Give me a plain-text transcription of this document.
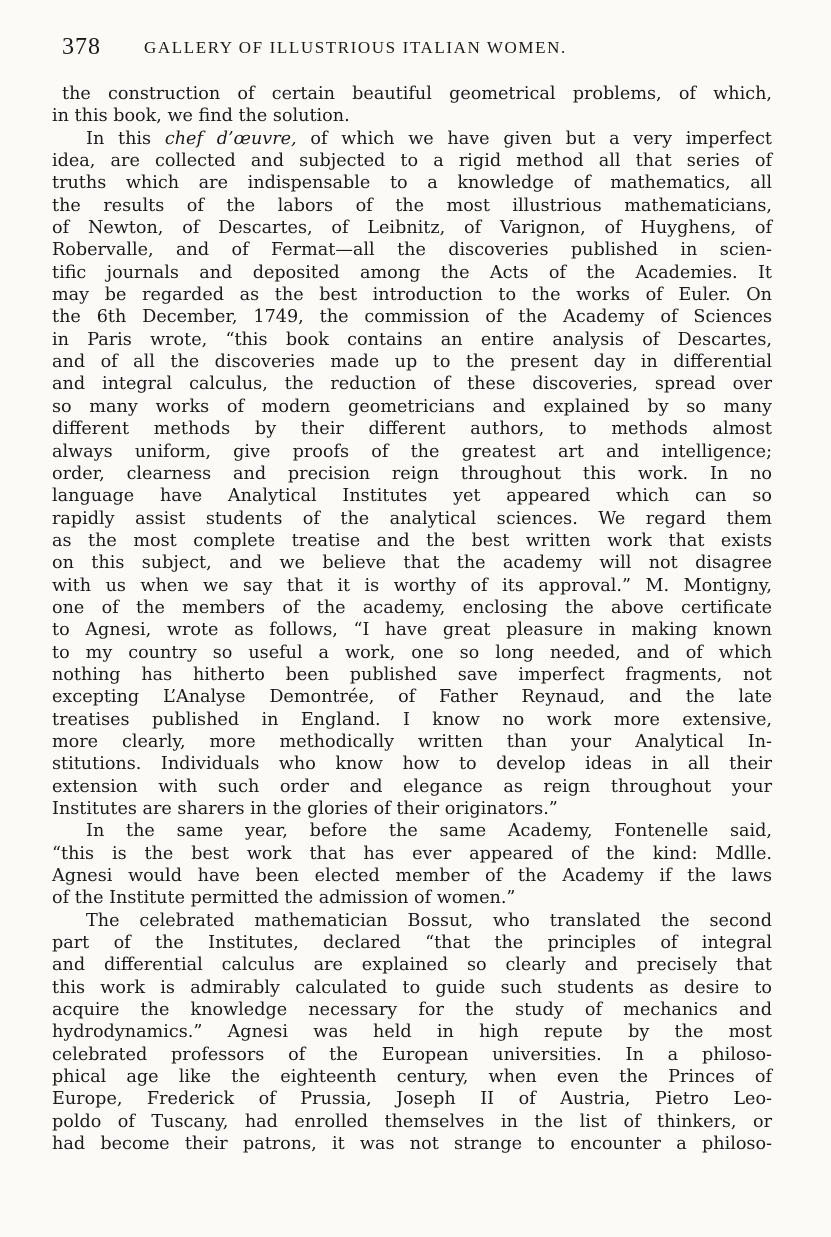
378	GALLERY OF ILLUSTRIOUS ITALIAN WOMEN.
the construction of certain beautiful geometrical problems, of which,
in this book, we find the solution.
In this chef d’œuvre, of which we have given but a very imperfect
idea, are collected and subjected to a rigid method all that series of
truths which are indispensable to a knowledge of mathematics, all
the results of the labors of the most illustrious mathematicians,
of Newton, of Descartes, of Leibnitz, of Varignon, of Huyghens, of
Robervalle, and of Fermat—all the discoveries published in scien-
tific journals and deposited among the Acts of the Academies. It
may be regarded as the best introduction to the works of Euler. On
the 6th December, 1749, the commission of the Academy of Sciences
in Paris wrote, “this book contains an entire analysis of Descartes,
and of all the discoveries made up to the present day in differential
and integral calculus, the reduction of these discoveries, spread over
so many works of modern geometricians and explained by so many
different methods by their different authors, to methods almost
always uniform, give proofs of the greatest art and intelligence;
order, clearness and precision reign throughout this work. In no
language have Analytical Institutes yet appeared which can so
rapidly assist students of the analytical sciences. We regard them
as the most complete treatise and the best written work that exists
on this subject, and we believe that the academy will not disagree
with us when we say that it is worthy of its approval.” M. Montigny,
one of the members of the academy, enclosing the above certificate
to Agnesi, wrote as follows, “I have great pleasure in making known
to my country so useful a work, one so long needed, and of which
nothing has hitherto been published save imperfect fragments, not
excepting L’Analyse Demontrée, of Father Reynaud, and the late
treatises published in England. I know no work more extensive,
more clearly, more methodically written than your Analytical In-
stitutions. Individuals who know how to develop ideas in all their
extension with such order and elegance as reign throughout your
Institutes are sharers in the glories of their originators.”
In the same year, before the same Academy, Fontenelle said,
“this is the best work that has ever appeared of the kind: Mdlle.
Agnesi would have been elected member of the Academy if the laws
of the Institute permitted the admission of women.”
The celebrated mathematician Bossut, who translated the second
part of the Institutes, declared “that the principles of integral
and differential calculus are explained so clearly and precisely that
this work is admirably calculated to guide such students as desire to
acquire the knowledge necessary for the study of mechanics and
hydrodynamics.” Agnesi was held in high repute by the most
celebrated professors of the European universities. In a philoso-
phical age like the eighteenth century, when even the Princes of
Europe, Frederick of Prussia, Joseph II of Austria, Pietro Leo-
poldo of Tuscany, had enrolled themselves in the list of thinkers, or
had become their patrons, it was not strange to encounter a philoso-
